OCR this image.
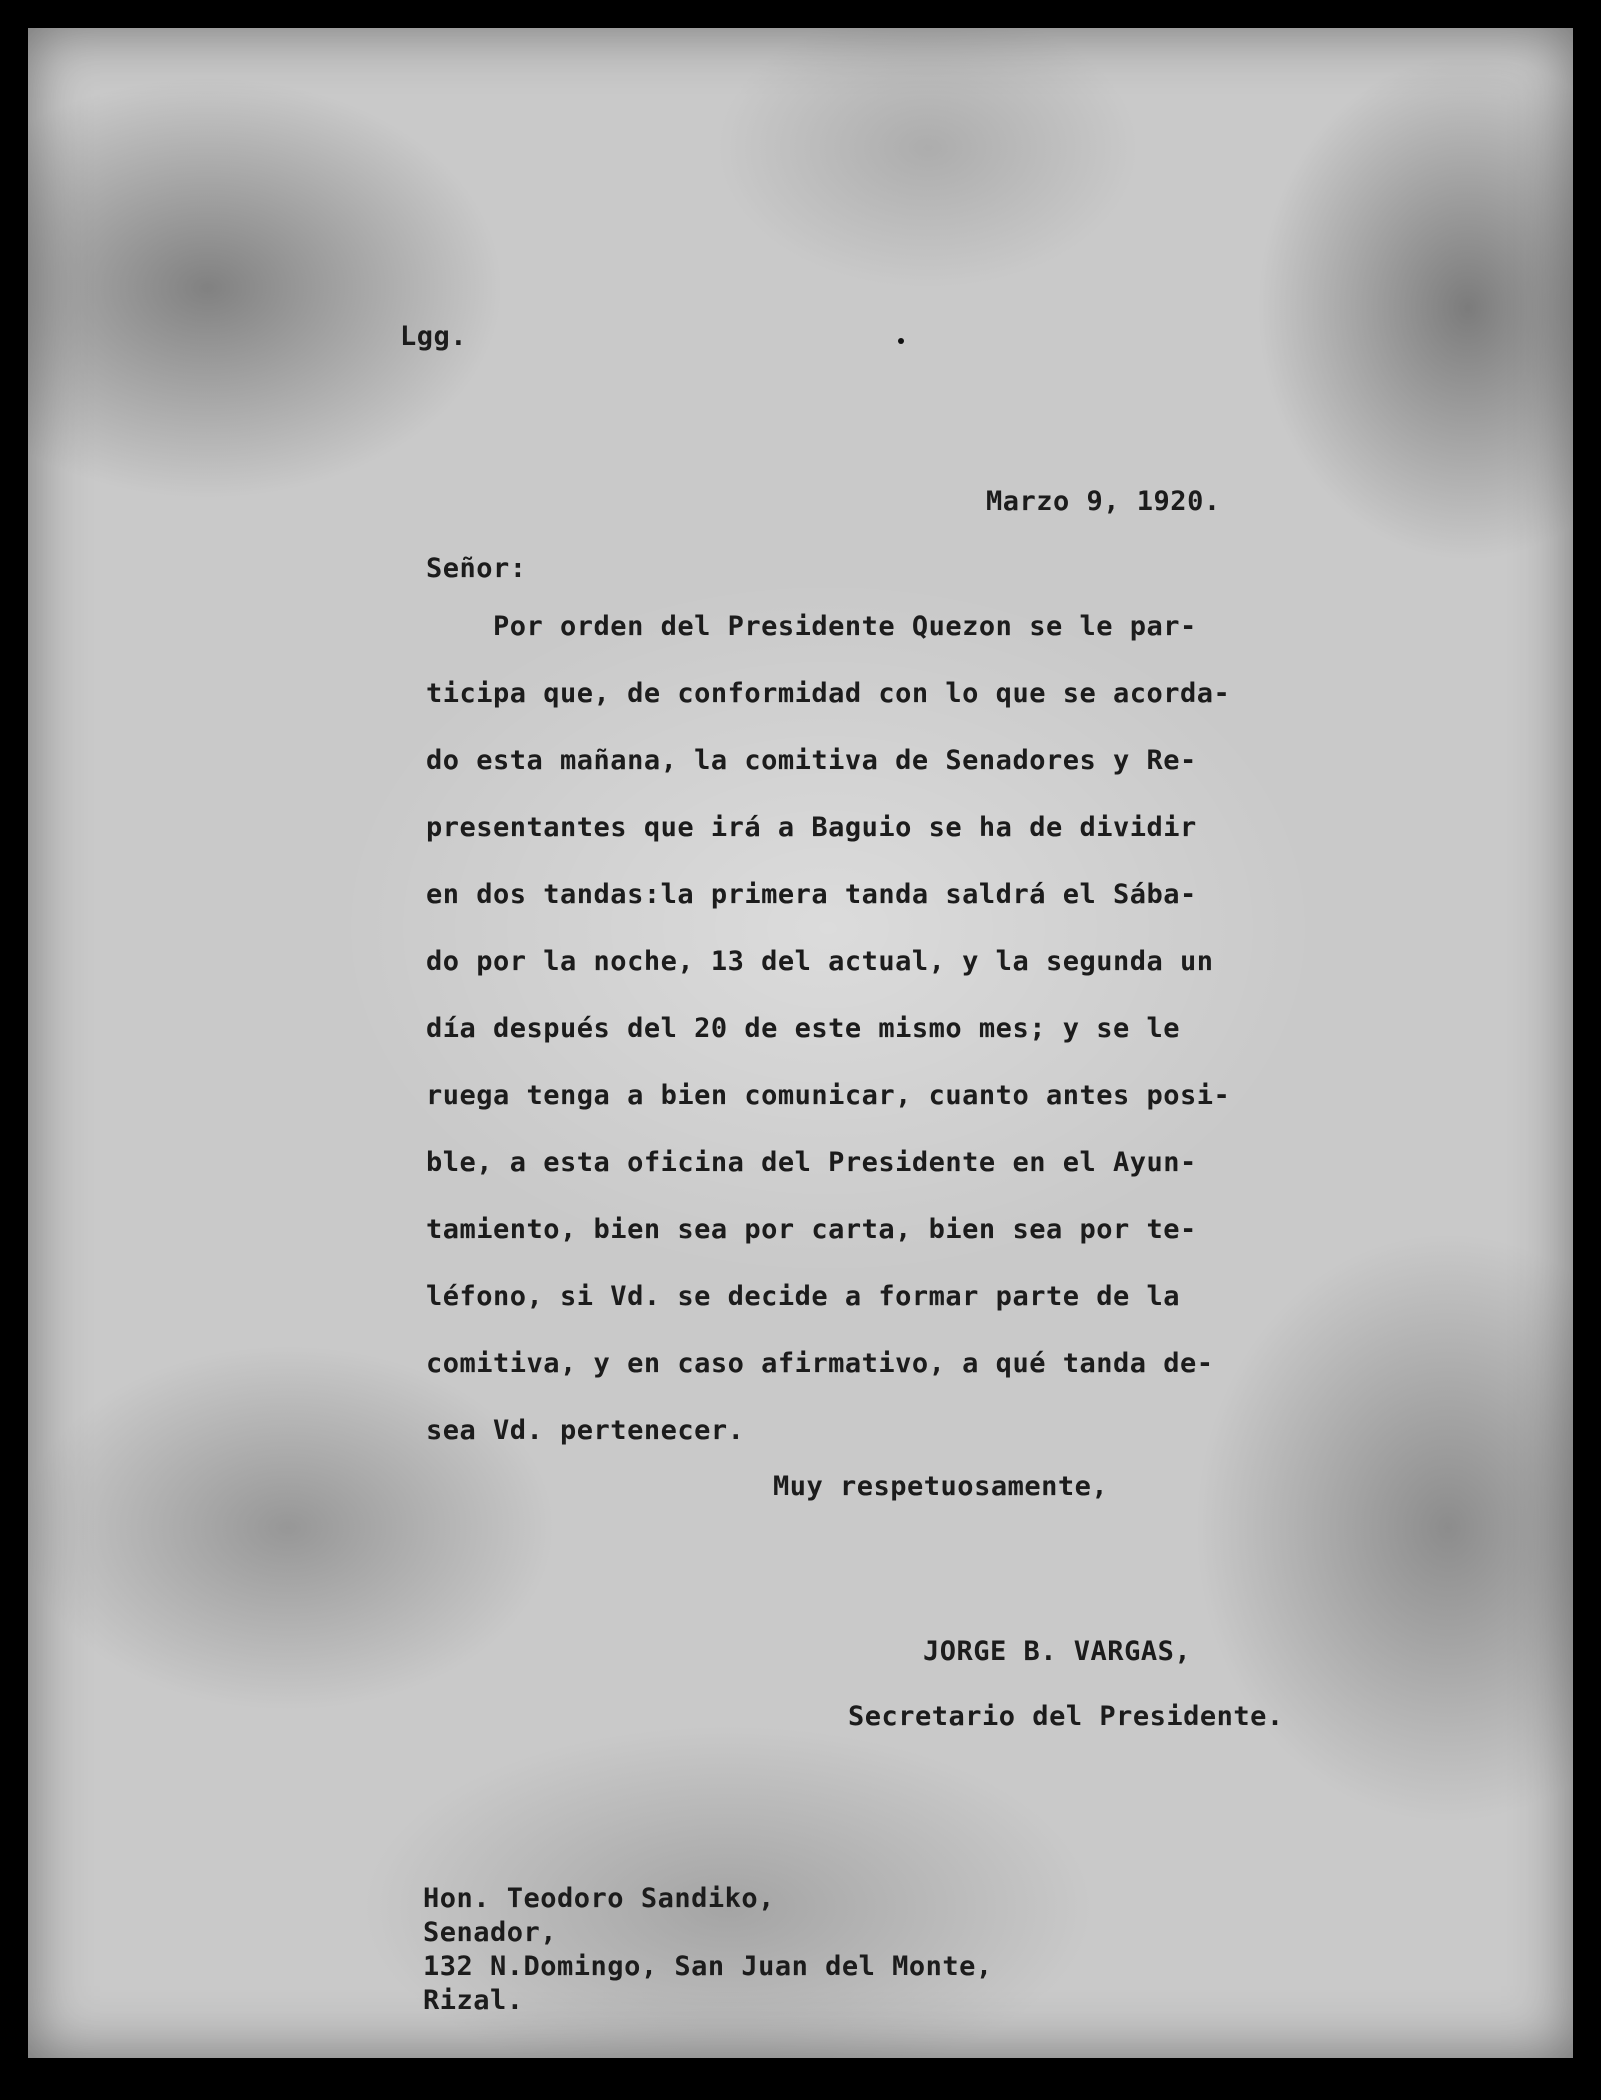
Lgg.
Marzo 9, 1920.
Señor:
Por orden del Presidente Quezon se le par-
ticipa que, de conformidad con lo que se acorda-
do esta mañana, la comitiva de Senadores y Re-
presentantes que irá a Baguio se ha de dividir
en dos tandas:la primera tanda saldrá el Sába-
do por la noche, 13 del actual, y la segunda un
día después del 20 de este mismo mes; y se le
ruega tenga a bien comunicar, cuanto antes posi-
ble, a esta oficina del Presidente en el Ayun-
tamiento, bien sea por carta, bien sea por te-
léfono, si Vd. se decide a formar parte de la
comitiva, y en caso afirmativo, a qué tanda de-
sea Vd. pertenecer.
Muy respetuosamente,
JORGE B. VARGAS,
Secretario del Presidente.
Hon. Teodoro Sandiko,
Senador,
132 N.Domingo, San Juan del Monte,
Rizal.
